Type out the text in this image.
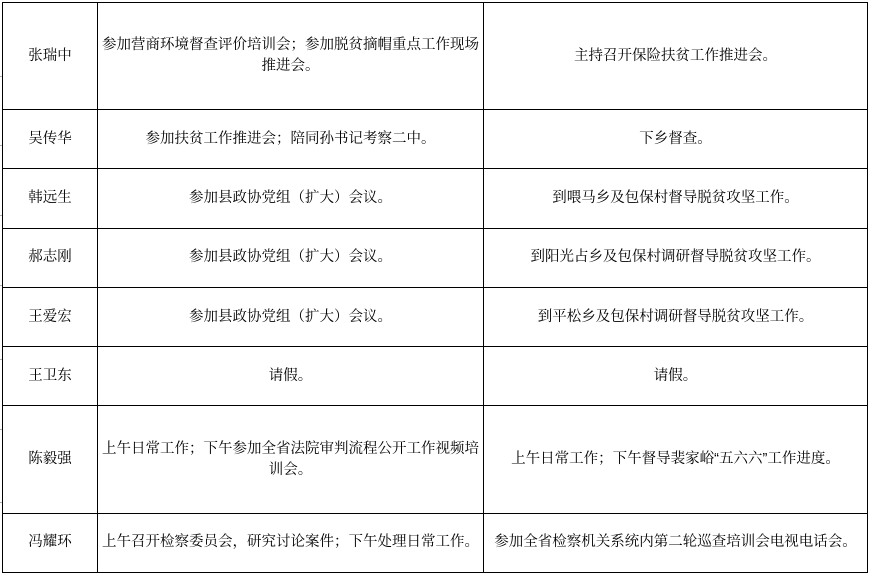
张瑞中	参加营商环境督查评价培训会；参加脱贫摘帽重点工作现场推进会。	主持召开保险扶贫工作推进会。
吴传华	参加扶贫工作推进会；陪同孙书记考察二中。	下乡督查。
韩远生	参加县政协党组（扩大）会议。	到喂马乡及包保村督导脱贫攻坚工作。
郝志刚	参加县政协党组（扩大）会议。	到阳光占乡及包保村调研督导脱贫攻坚工作。
王爱宏	参加县政协党组（扩大）会议。	到平松乡及包保村调研督导脱贫攻坚工作。
王卫东	请假。	请假。
陈毅强	上午日常工作；下午参加全省法院审判流程公开工作视频培训会。	上午日常工作；下午督导裴家峪“五六六”工作进度。
冯耀环	上午召开检察委员会，研究讨论案件；下午处理日常工作。	参加全省检察机关系统内第二轮巡查培训会电视电话会。
